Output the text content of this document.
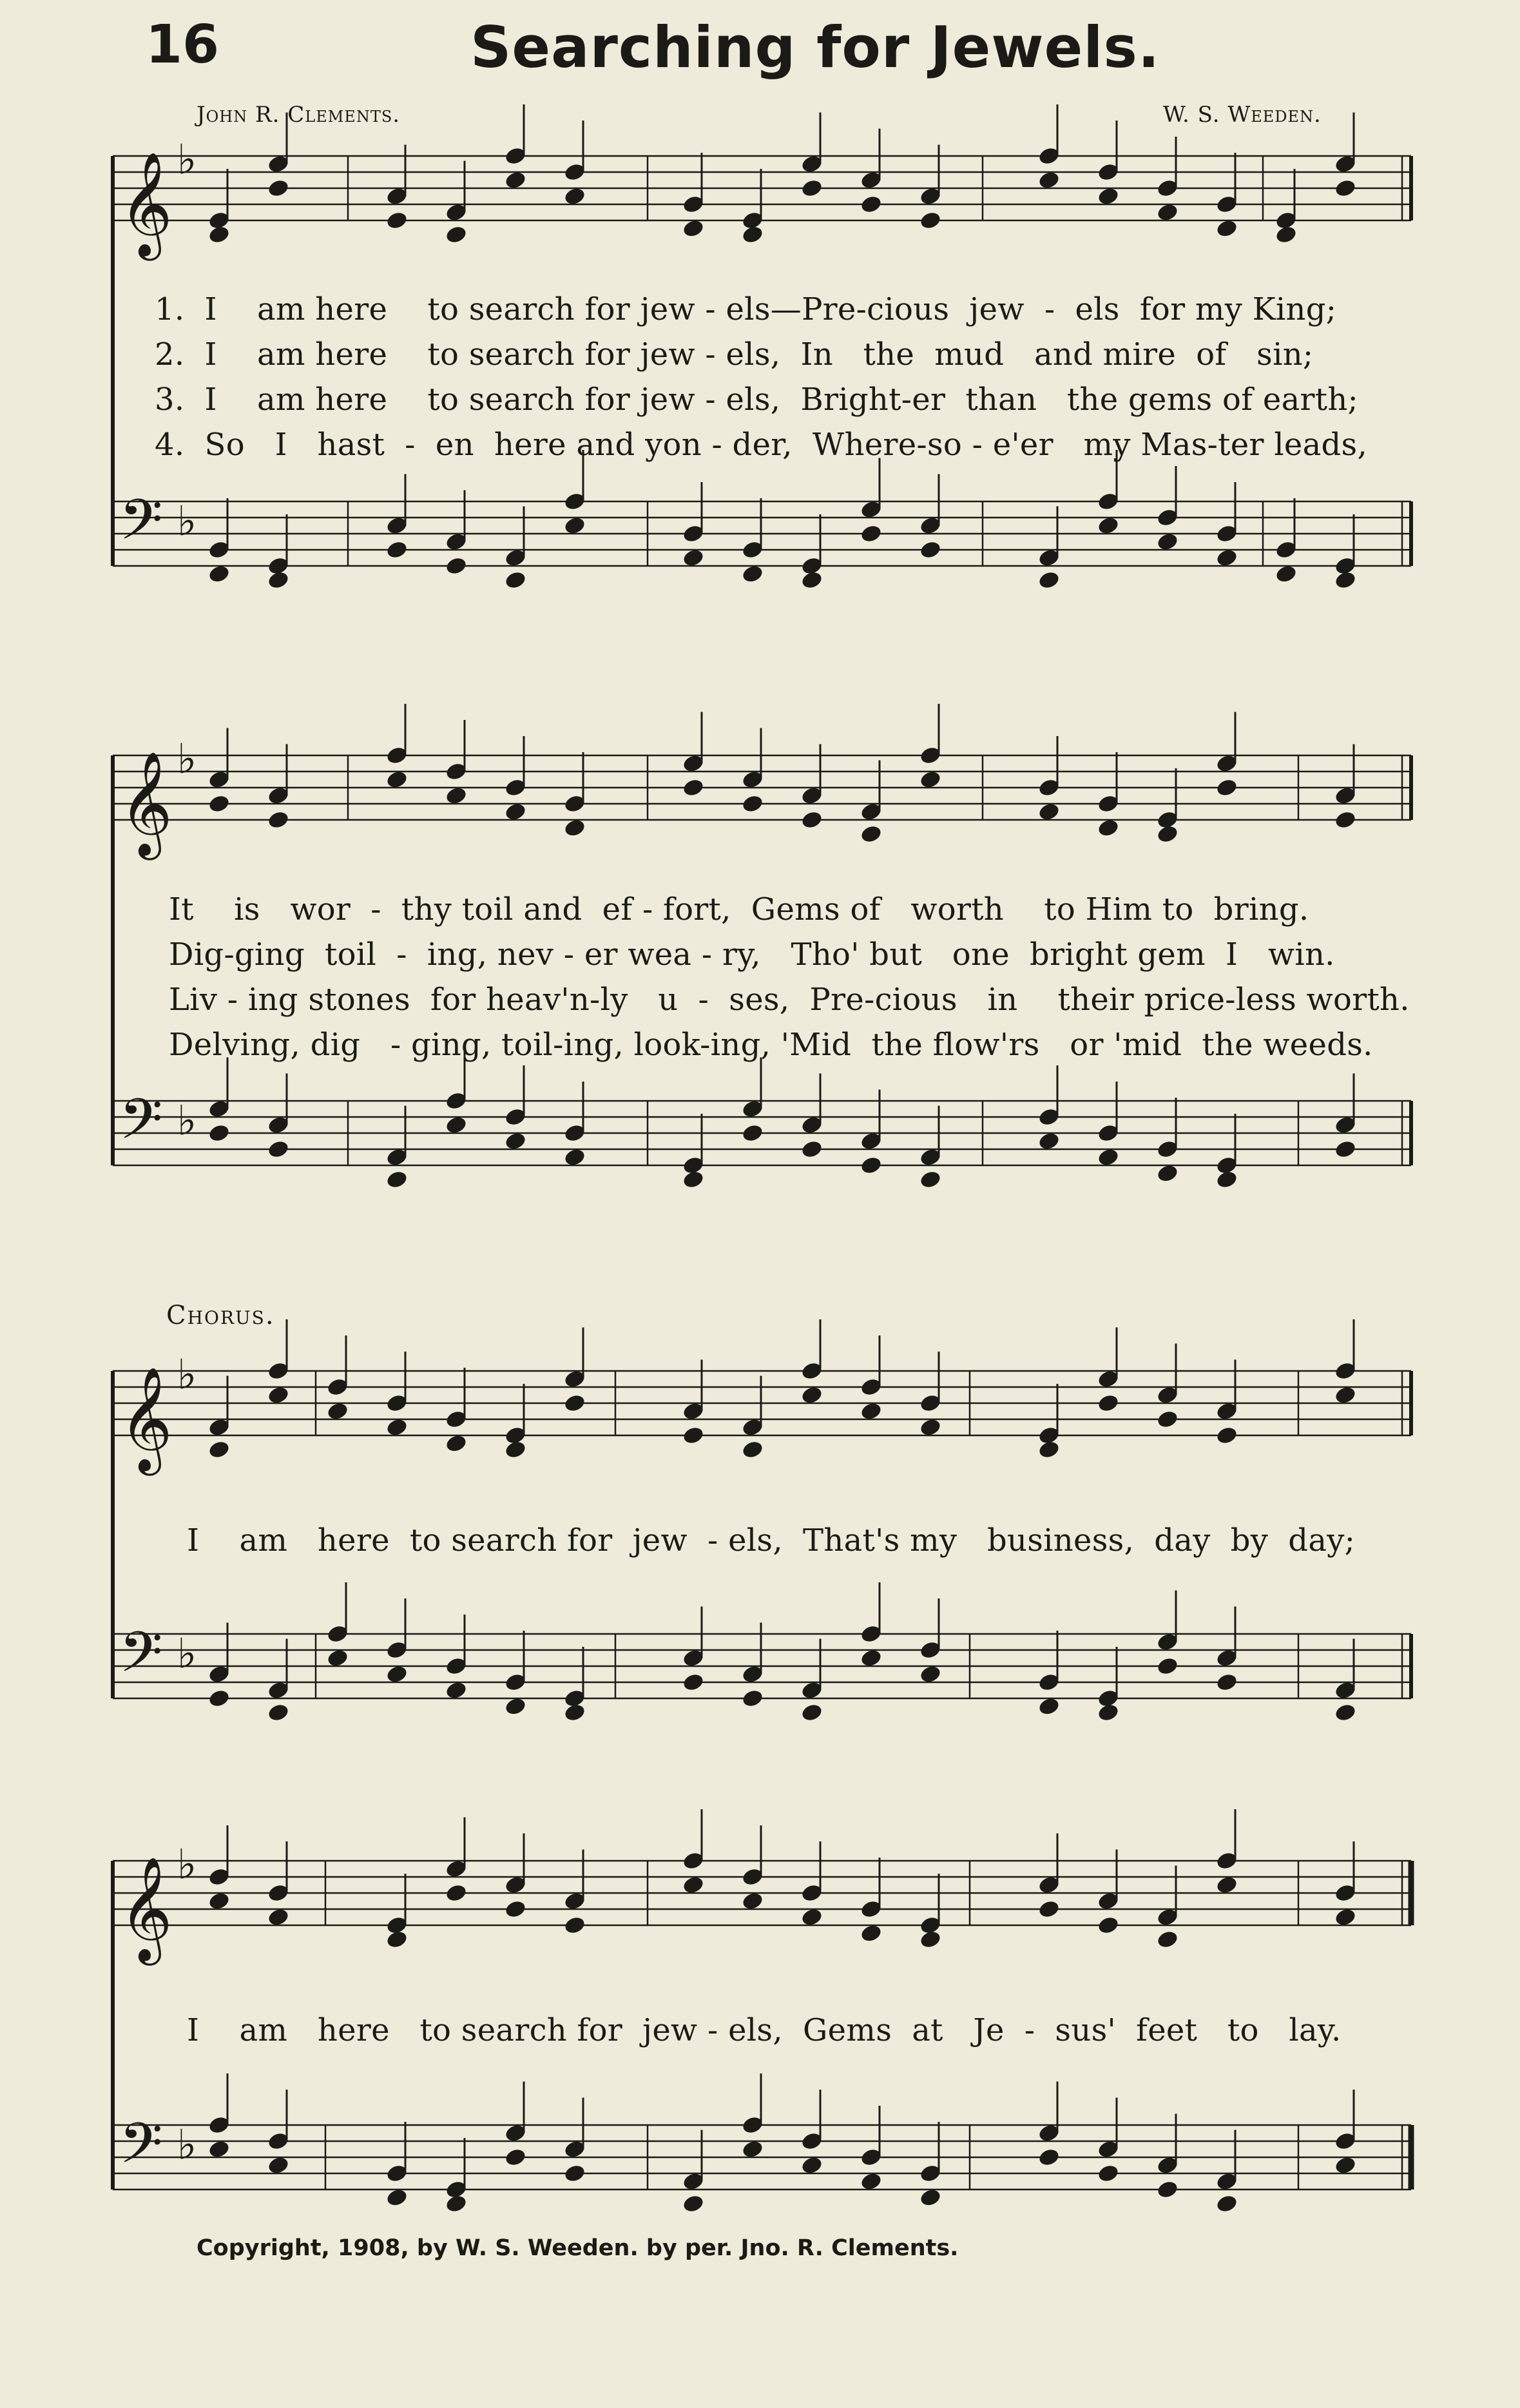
16	Searching for Jewels.
John R. Clements.	W. S. Weeden.
𝄞 ♭
𝄢 ♭
𝄞 ♭
𝄢 ♭
𝄞 ♭
𝄢 ♭
𝄞 ♭
𝄢 ♭
1.  I    am here    to search for jew - els—Pre-cious  jew  -  els  for my King;
2.  I    am here    to search for jew - els,  In   the  mud   and mire  of   sin;
3.  I    am here    to search for jew - els,  Bright-er  than   the gems of earth;
4.  So   I   hast  -  en  here and yon - der,  Where-so - e'er   my Mas-ter leads,
It    is   wor  -  thy toil and  ef - fort,  Gems of   worth    to Him to  bring.
Dig-ging  toil  -  ing, nev - er wea - ry,   Tho' but   one  bright gem  I   win.
Liv - ing stones  for heav'n-ly   u  -  ses,  Pre-cious   in    their price-less worth.
Delving, dig   - ging, toil-ing, look-ing, 'Mid  the flow'rs   or 'mid  the weeds.
Chorus.
I    am   here  to search for  jew  - els,  That's my   business,  day  by  day;
I    am   here   to search for  jew - els,  Gems  at   Je  -  sus'  feet   to   lay.
Copyright, 1908, by W. S. Weeden. by per. Jno. R. Clements.
